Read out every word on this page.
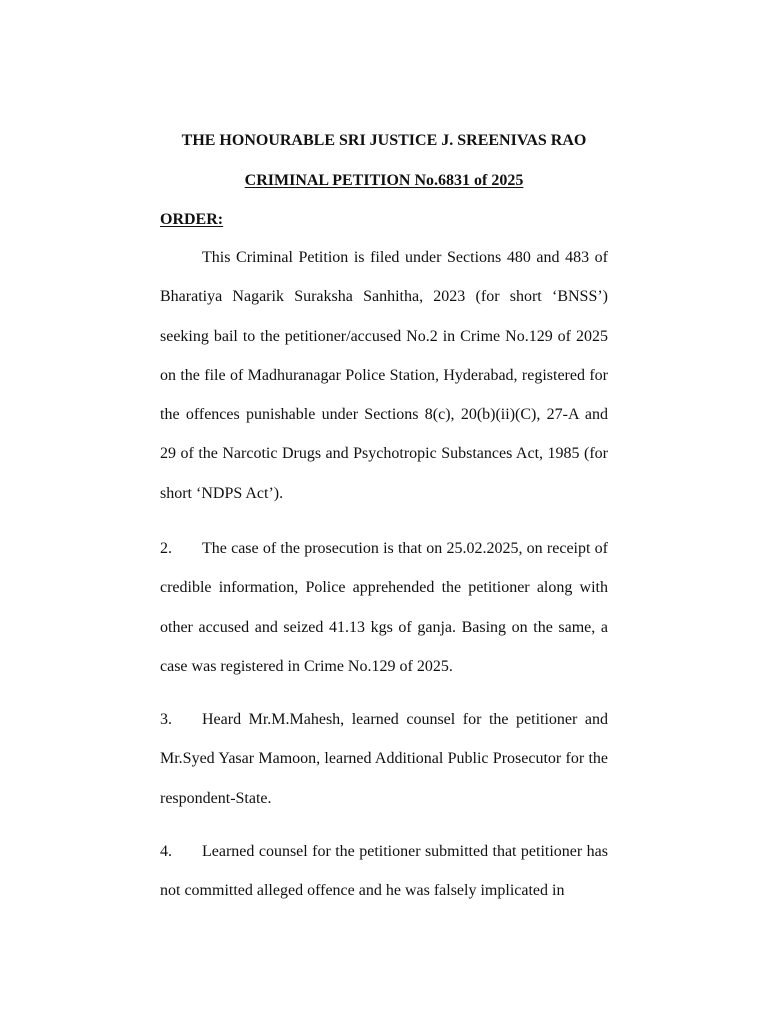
THE HONOURABLE SRI JUSTICE J. SREENIVAS RAO
CRIMINAL PETITION No.6831 of 2025
ORDER:

This Criminal Petition is filed under Sections 480 and 483 of Bharatiya Nagarik Suraksha Sanhitha, 2023 (for short ‘BNSS’) seeking bail to the petitioner/accused No.2 in Crime No.129 of 2025 on the file of Madhuranagar Police Station, Hyderabad, registered for the offences punishable under Sections 8(c), 20(b)(ii)(C), 27-A and 29 of the Narcotic Drugs and Psychotropic Substances Act, 1985 (for short ‘NDPS Act’).

2. The case of the prosecution is that on 25.02.2025, on receipt of credible information, Police apprehended the petitioner along with other accused and seized 41.13 kgs of ganja. Basing on the same, a case was registered in Crime No.129 of 2025.

3. Heard Mr.M.Mahesh, learned counsel for the petitioner and Mr.Syed Yasar Mamoon, learned Additional Public Prosecutor for the respondent-State.

4. Learned counsel for the petitioner submitted that petitioner has not committed alleged offence and he was falsely implicated in
